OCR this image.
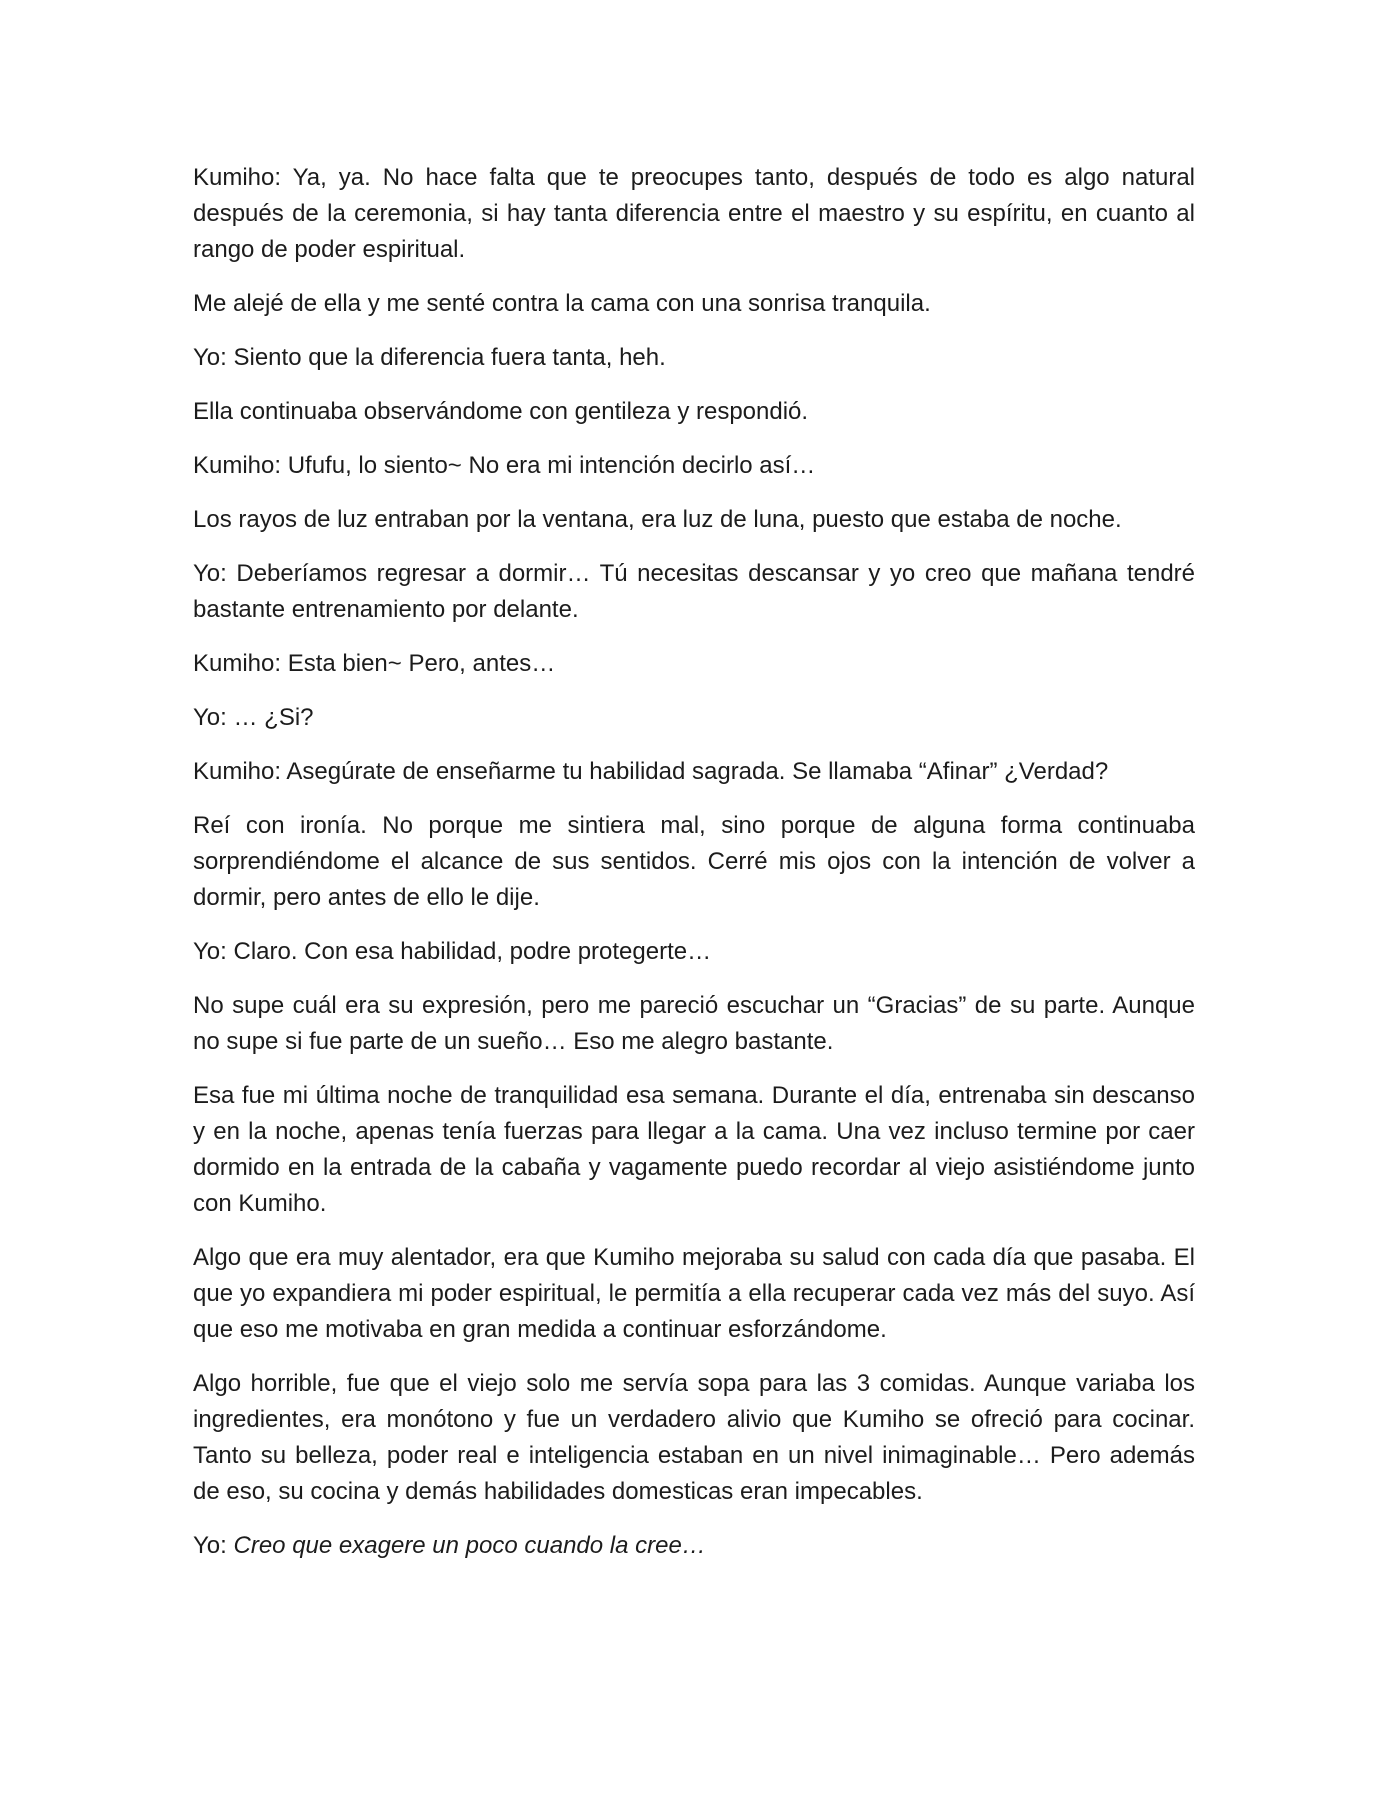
Kumiho: Ya, ya. No hace falta que te preocupes tanto, después de todo es algo natural después de la ceremonia, si hay tanta diferencia entre el maestro y su espíritu, en cuanto al rango de poder espiritual.

Me alejé de ella y me senté contra la cama con una sonrisa tranquila.

Yo: Siento que la diferencia fuera tanta, heh.

Ella continuaba observándome con gentileza y respondió.

Kumiho: Ufufu, lo siento~ No era mi intención decirlo así…

Los rayos de luz entraban por la ventana, era luz de luna, puesto que estaba de noche.

Yo: Deberíamos regresar a dormir… Tú necesitas descansar y yo creo que mañana tendré bastante entrenamiento por delante.

Kumiho: Esta bien~ Pero, antes…

Yo: … ¿Si?

Kumiho: Asegúrate de enseñarme tu habilidad sagrada. Se llamaba “Afinar” ¿Verdad?

Reí con ironía. No porque me sintiera mal, sino porque de alguna forma continuaba sorprendiéndome el alcance de sus sentidos. Cerré mis ojos con la intención de volver a dormir, pero antes de ello le dije.

Yo: Claro. Con esa habilidad, podre protegerte…

No supe cuál era su expresión, pero me pareció escuchar un “Gracias” de su parte. Aunque no supe si fue parte de un sueño… Eso me alegro bastante.

Esa fue mi última noche de tranquilidad esa semana. Durante el día, entrenaba sin descanso y en la noche, apenas tenía fuerzas para llegar a la cama. Una vez incluso termine por caer dormido en la entrada de la cabaña y vagamente puedo recordar al viejo asistiéndome junto con Kumiho.

Algo que era muy alentador, era que Kumiho mejoraba su salud con cada día que pasaba. El que yo expandiera mi poder espiritual, le permitía a ella recuperar cada vez más del suyo. Así que eso me motivaba en gran medida a continuar esforzándome.

Algo horrible, fue que el viejo solo me servía sopa para las 3 comidas. Aunque variaba los ingredientes, era monótono y fue un verdadero alivio que Kumiho se ofreció para cocinar. Tanto su belleza, poder real e inteligencia estaban en un nivel inimaginable… Pero además de eso, su cocina y demás habilidades domesticas eran impecables.

Yo: Creo que exagere un poco cuando la cree…
